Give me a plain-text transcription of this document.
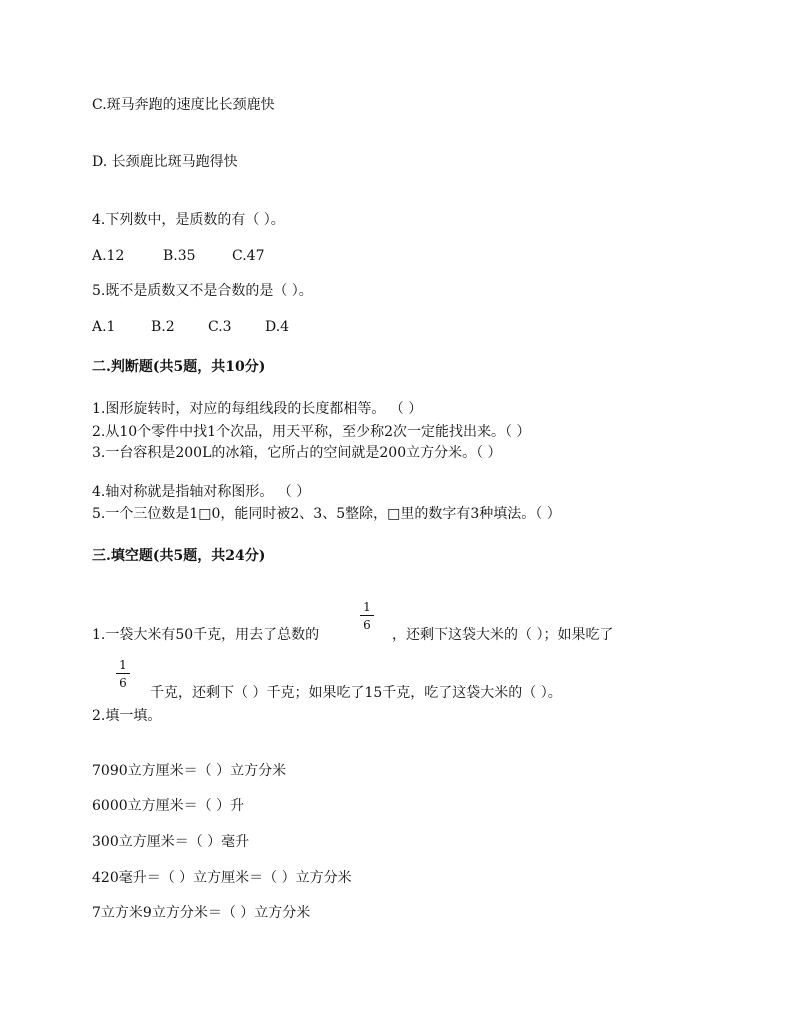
C.斑马奔跑的速度比长颈鹿快
D. 长颈鹿比斑马跑得快
4.下列数中，是质数的有（ ）。
A.12	B.35	C.47
5.既不是质数又不是合数的是（ ）。
A.1	B.2 C.3 D.4
二.判断题(共5题，共10分)
1.图形旋转时，对应的每组线段的长度都相等。 （ ）
2.从10个零件中找1个次品，用天平称，至少称2次一定能找出来。（ ）
3.一台容积是200L的冰箱，它所占的空间就是200立方分米。（ ）
4.轴对称就是指轴对称图形。 （ ）
5.一个三位数是1□0，能同时被2、3、5整除，□里的数字有3种填法。（ ）
三.填空题(共5题，共24分)
1
6
1.一袋大米有50千克，用去了总数的	，还剩下这袋大米的（ ）；如果吃了
1
6
千克，还剩下（ ）千克；如果吃了15千克，吃了这袋大米的（ ）。
2.填一填。
7090立方厘米＝（ ）立方分米
6000立方厘米＝（ ）升
300立方厘米＝（ ）毫升
420毫升＝（ ）立方厘米＝（ ）立方分米
7立方米9立方分米＝（ ）立方分米
